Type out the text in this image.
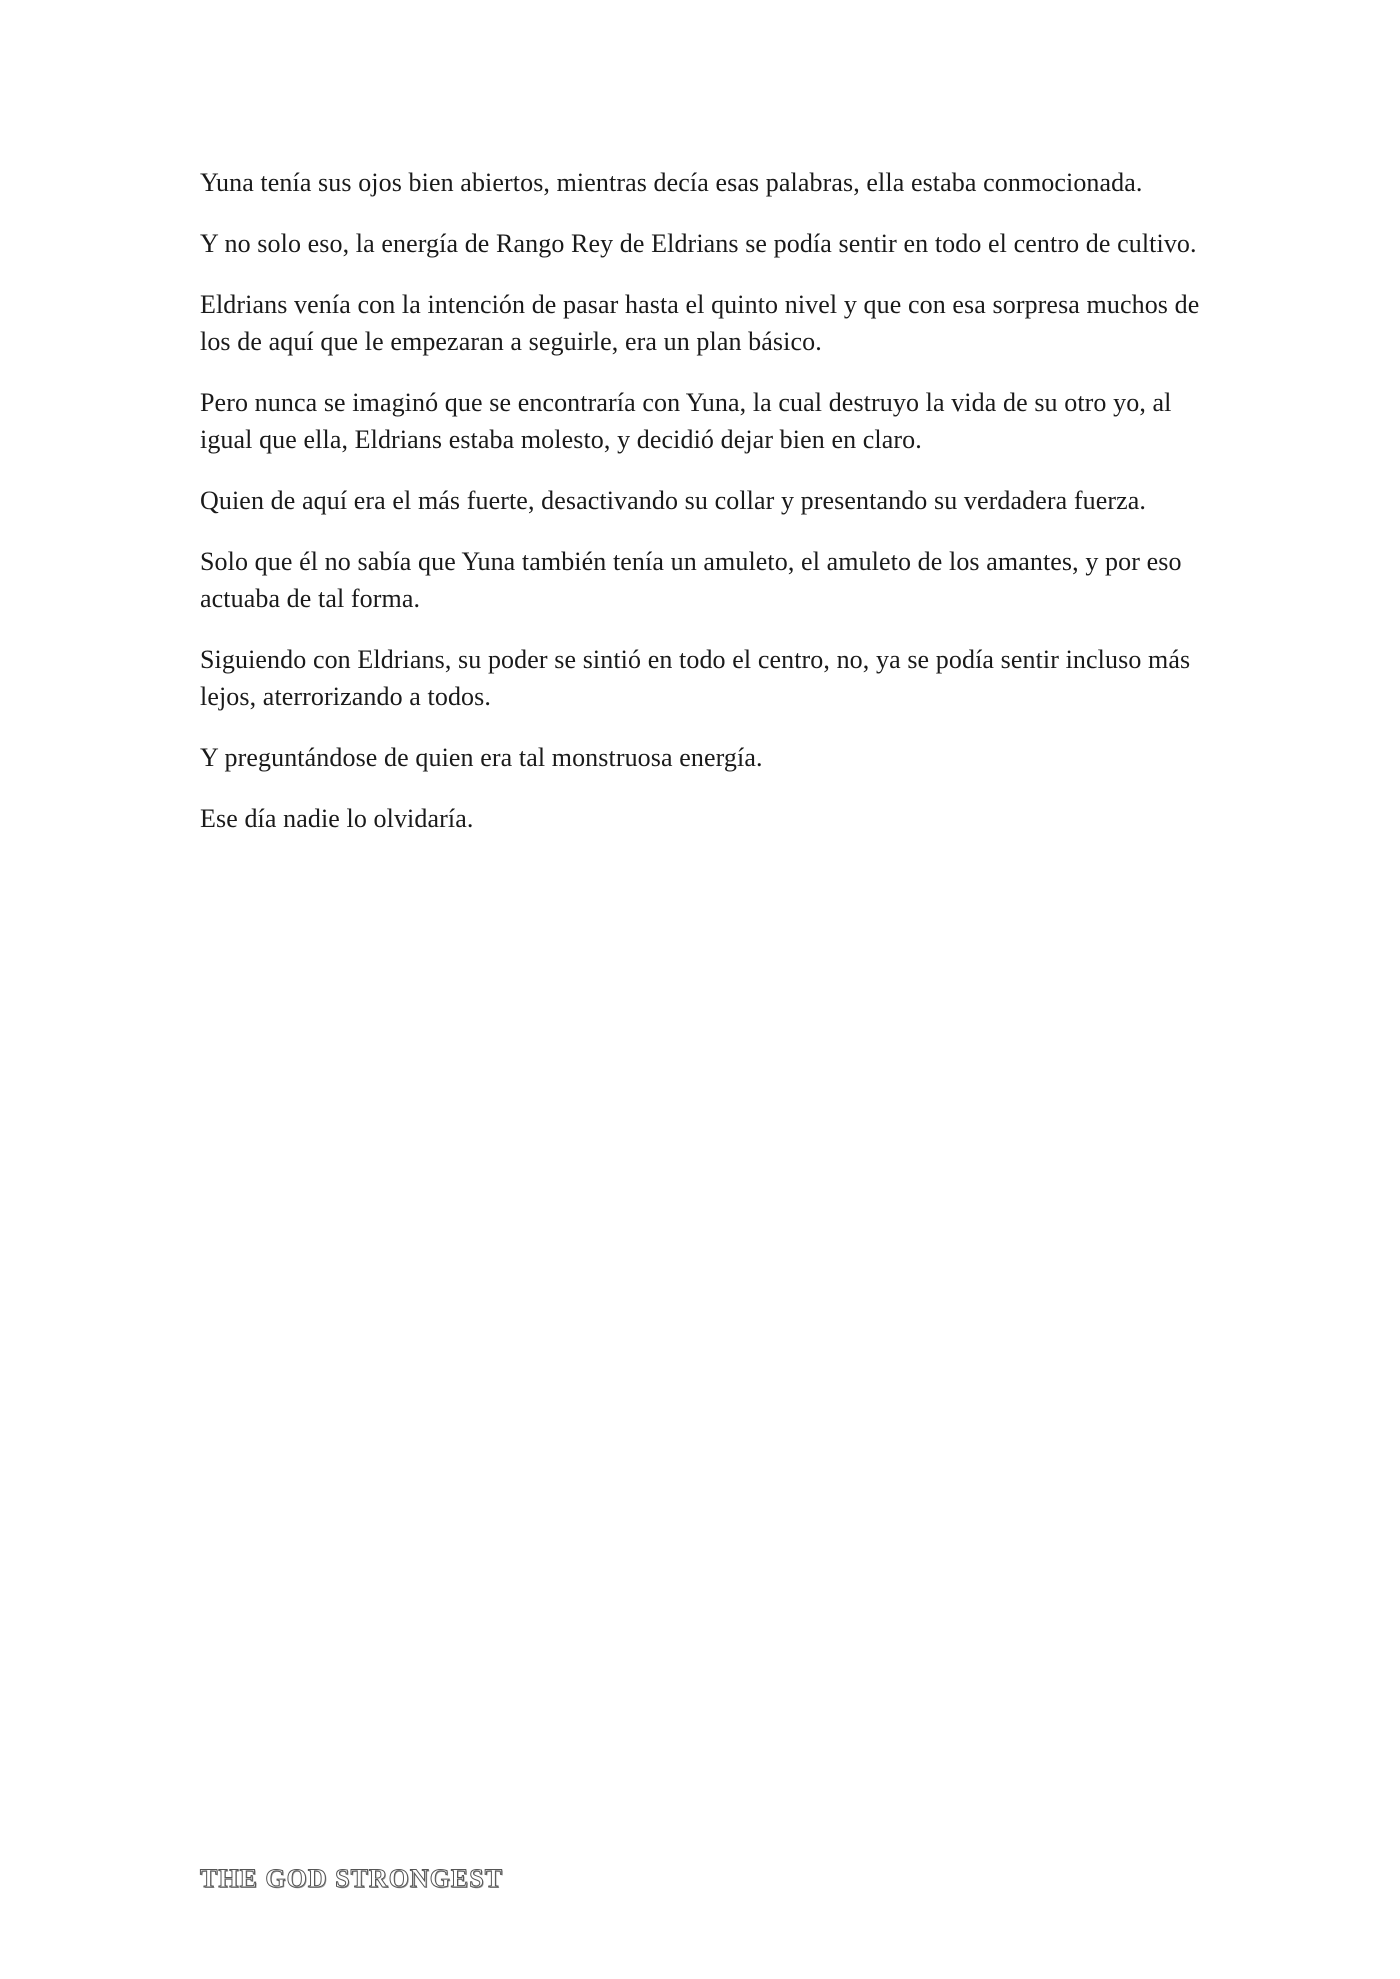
Yuna tenía sus ojos bien abiertos, mientras decía esas palabras, ella estaba conmocionada.

Y no solo eso, la energía de Rango Rey de Eldrians se podía sentir en todo el centro de cultivo.

Eldrians venía con la intención de pasar hasta el quinto nivel y que con esa sorpresa muchos de los de aquí que le empezaran a seguirle, era un plan básico.

Pero nunca se imaginó que se encontraría con Yuna, la cual destruyo la vida de su otro yo, al igual que ella, Eldrians estaba molesto, y decidió dejar bien en claro.

Quien de aquí era el más fuerte, desactivando su collar y presentando su verdadera fuerza.

Solo que él no sabía que Yuna también tenía un amuleto, el amuleto de los amantes, y por eso actuaba de tal forma.

Siguiendo con Eldrians, su poder se sintió en todo el centro, no, ya se podía sentir incluso más lejos, aterrorizando a todos.

Y preguntándose de quien era tal monstruosa energía.

Ese día nadie lo olvidaría.

THE GOD STRONGEST
